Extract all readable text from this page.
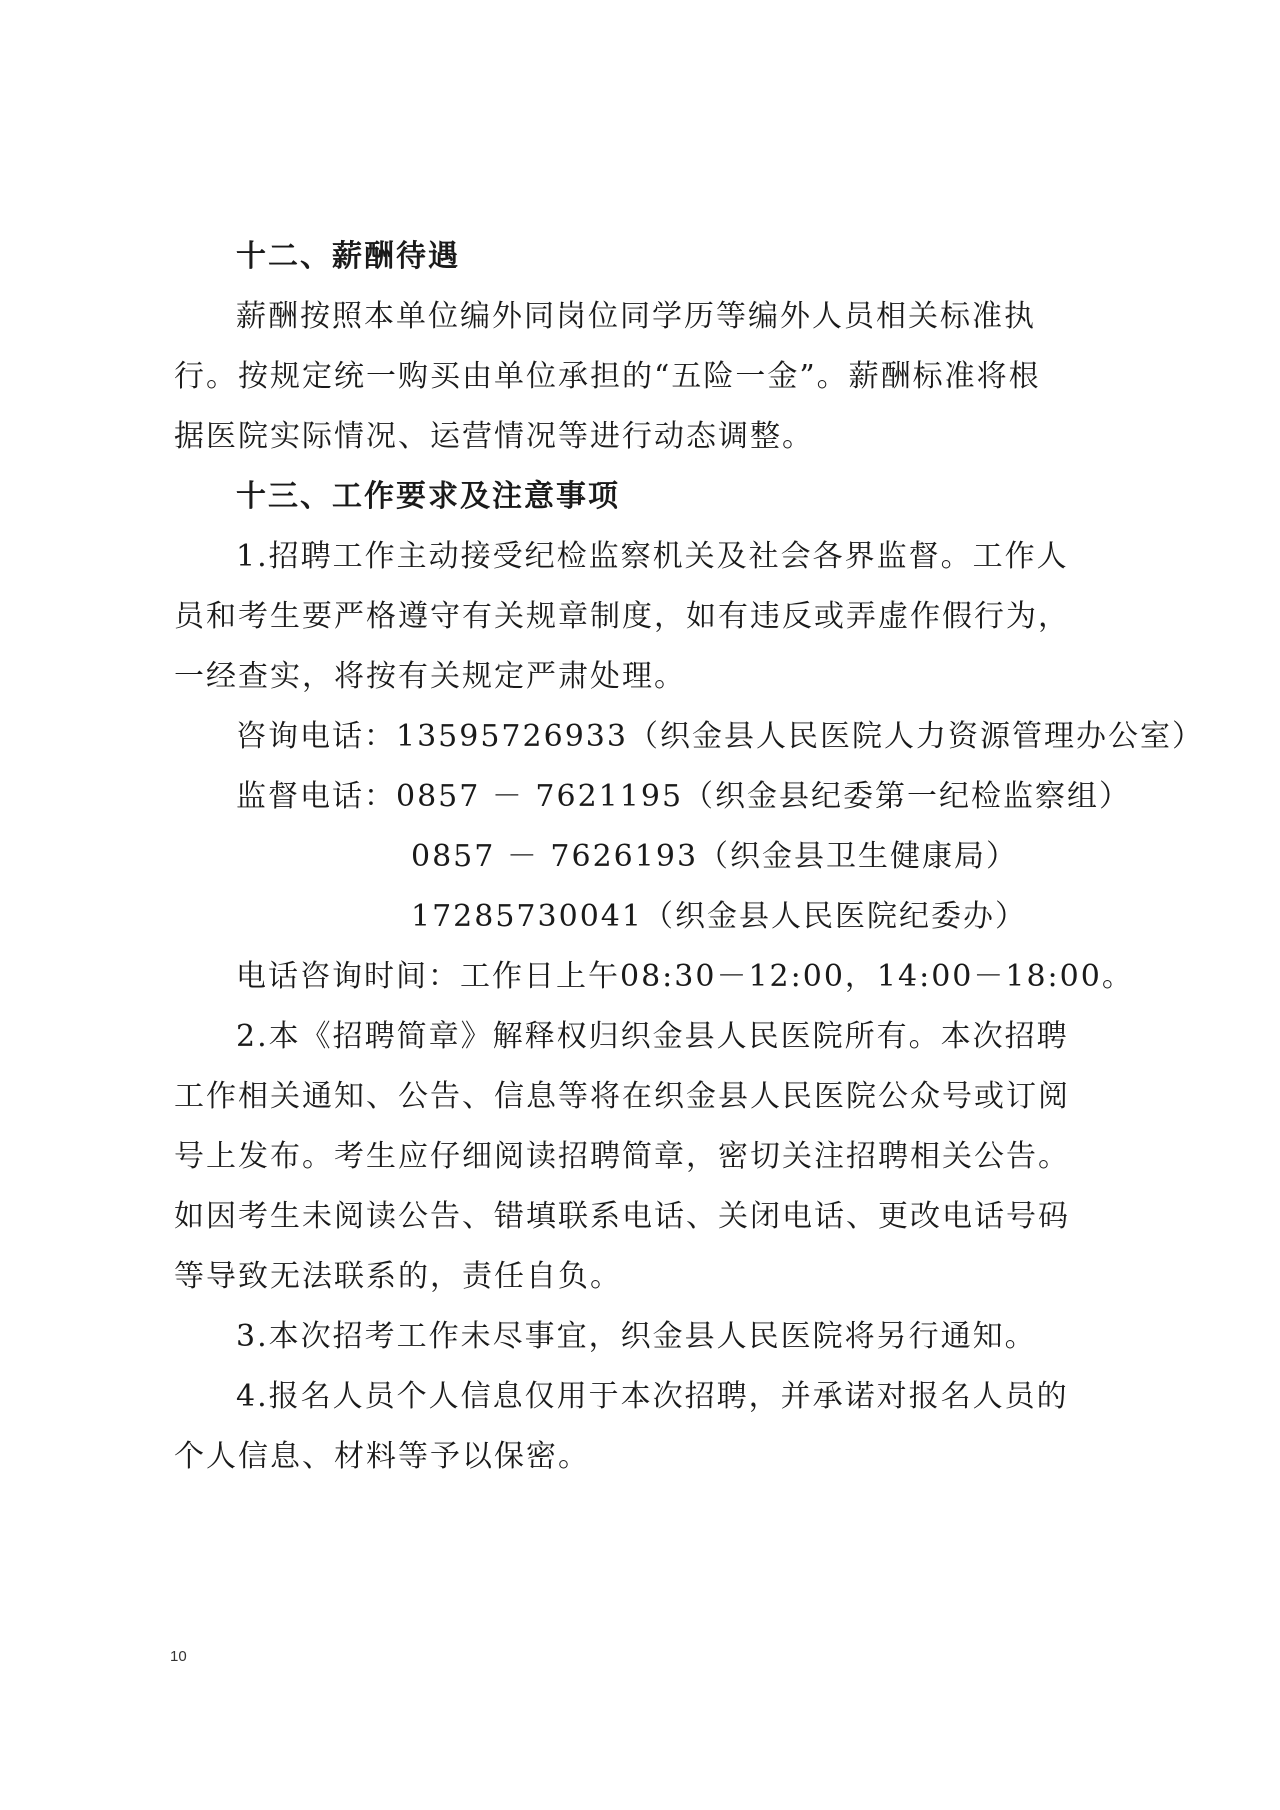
十二、薪酬待遇
薪酬按照本单位编外同岗位同学历等编外人员相关标准执
行。按规定统一购买由单位承担的“五险一金”。薪酬标准将根
据医院实际情况、运营情况等进行动态调整。
十三、工作要求及注意事项
1.招聘工作主动接受纪检监察机关及社会各界监督。工作人
员和考生要严格遵守有关规章制度，如有违反或弄虚作假行为，
一经查实，将按有关规定严肃处理。
咨询电话：13595726933（织金县人民医院人力资源管理办公室）
监督电话：0857 － 7621195（织金县纪委第一纪检监察组）
0857 － 7626193（织金县卫生健康局）
17285730041（织金县人民医院纪委办）
电话咨询时间：工作日上午08:30－12:00，14:00－18:00。
2.本《招聘简章》解释权归织金县人民医院所有。本次招聘
工作相关通知、公告、信息等将在织金县人民医院公众号或订阅
号上发布。考生应仔细阅读招聘简章，密切关注招聘相关公告。
如因考生未阅读公告、错填联系电话、关闭电话、更改电话号码
等导致无法联系的，责任自负。
3.本次招考工作未尽事宜，织金县人民医院将另行通知。
4.报名人员个人信息仅用于本次招聘，并承诺对报名人员的
个人信息、材料等予以保密。
10
